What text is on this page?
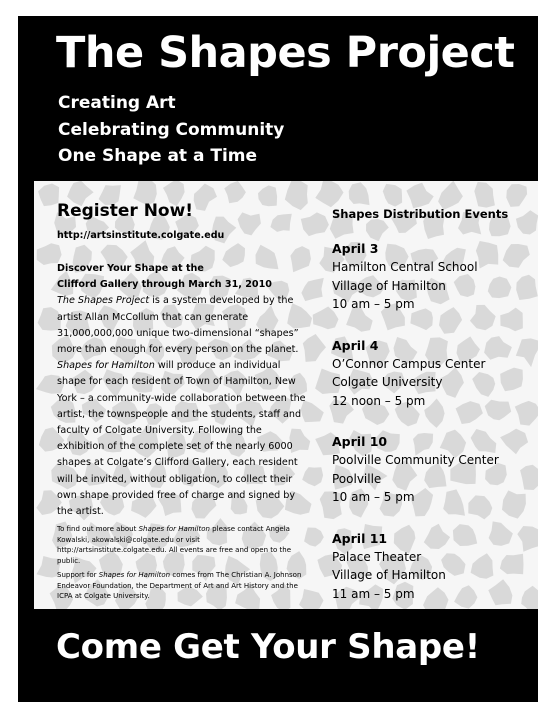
The Shapes Project
Creating Art
Celebrating Community
One Shape at a Time
Register Now!
http://artsinstitute.colgate.edu
Discover Your Shape at the
Clifford Gallery through March 31, 2010

The Shapes Project is a system developed by the artist Allan McCollum that can generate 31,000,000,000 unique two-dimensional “shapes” more than enough for every person on the planet. Shapes for Hamilton will produce an individual shape for each resident of Town of Hamilton, New York – a community-wide collaboration between the artist, the townspeople and the students, staff and faculty of Colgate University. Following the exhibition of the complete set of the nearly 6000 shapes at Colgate’s Clifford Gallery, each resident will be invited, without obligation, to collect their own shape provided free of charge and signed by the artist.

To find out more about Shapes for Hamilton please contact Angela Kowalski, akowalski@colgate.edu or visit http://artsinstitute.colgate.edu. All events are free and open to the public.
Support for Shapes for Hamilton comes from The Christian A. Johnson Endeavor Foundation, the Department of Art and Art History and the ICPA at Colgate University.
Shapes Distribution Events
April 3
Hamilton Central School
Village of Hamilton
10 am – 5 pm
April 4
O’Connor Campus Center
Colgate University
12 noon – 5 pm
April 10
Poolville Community Center
Poolville
10 am – 5 pm
April 11
Palace Theater
Village of Hamilton
11 am – 5 pm
Come Get Your Shape!
